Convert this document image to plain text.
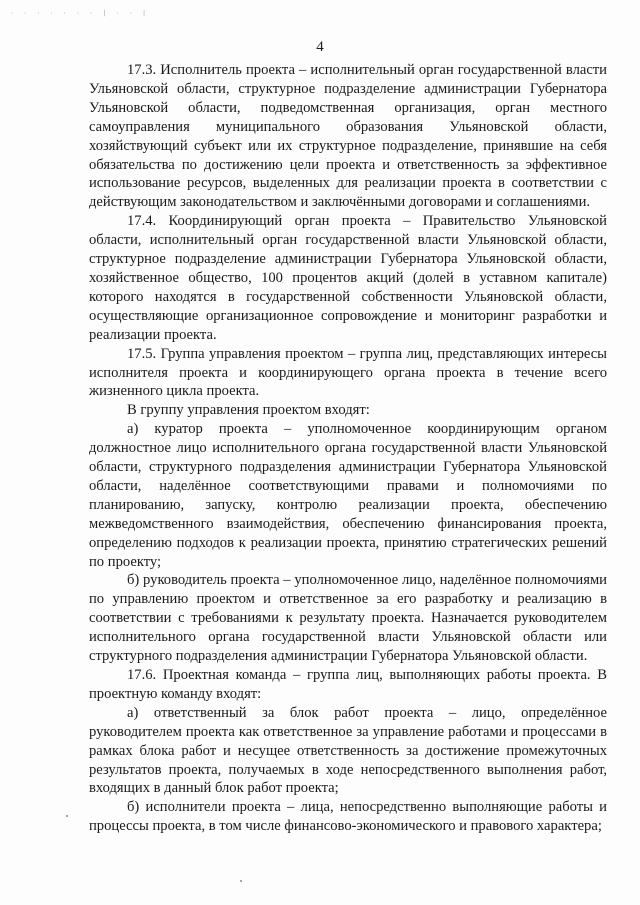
· · · · · · · | · · |
4

17.3. Исполнитель проекта – исполнительный орган государственной власти Ульяновской области, структурное подразделение администрации Губернатора Ульяновской области, подведомственная организация, орган местного самоуправления муниципального образования Ульяновской области, хозяйствующий субъект или их структурное подразделение, принявшие на себя обязательства по достижению цели проекта и ответственность за эффективное использование ресурсов, выделенных для реализации проекта в соответствии с действующим законодательством и заключёнными договорами и соглашениями.

17.4. Координирующий орган проекта – Правительство Ульяновской области, исполнительный орган государственной власти Ульяновской области, структурное подразделение администрации Губернатора Ульяновской области, хозяйственное общество, 100 процентов акций (долей в уставном капитале) которого находятся в государственной собственности Ульяновской области, осуществляющие организационное сопровождение и мониторинг разработки и реализации проекта.

17.5. Группа управления проектом – группа лиц, представляющих интересы исполнителя проекта и координирующего органа проекта в течение всего жизненного цикла проекта.

В группу управления проектом входят:

а) куратор проекта – уполномоченное координирующим органом должностное лицо исполнительного органа государственной власти Ульяновской области, структурного подразделения администрации Губернатора Ульяновской области, наделённое соответствующими правами и полномочиями по планированию, запуску, контролю реализации проекта, обеспечению межведомственного взаимодействия, обеспечению финансирования проекта, определению подходов к реализации проекта, принятию стратегических решений по проекту;

б) руководитель проекта – уполномоченное лицо, наделённое полномочиями по управлению проектом и ответственное за его разработку и реализацию в соответствии с требованиями к результату проекта. Назначается руководителем исполнительного органа государственной власти Ульяновской области или структурного подразделения администрации Губернатора Ульяновской области.

17.6. Проектная команда – группа лиц, выполняющих работы проекта. В проектную команду входят:

а) ответственный за блок работ проекта – лицо, определённое руководителем проекта как ответственное за управление работами и процессами в рамках блока работ и несущее ответственность за достижение промежуточных результатов проекта, получаемых в ходе непосредственного выполнения работ, входящих в данный блок работ проекта;

б) исполнители проекта – лица, непосредственно выполняющие работы и процессы проекта, в том числе финансово-экономического и правового характера;
